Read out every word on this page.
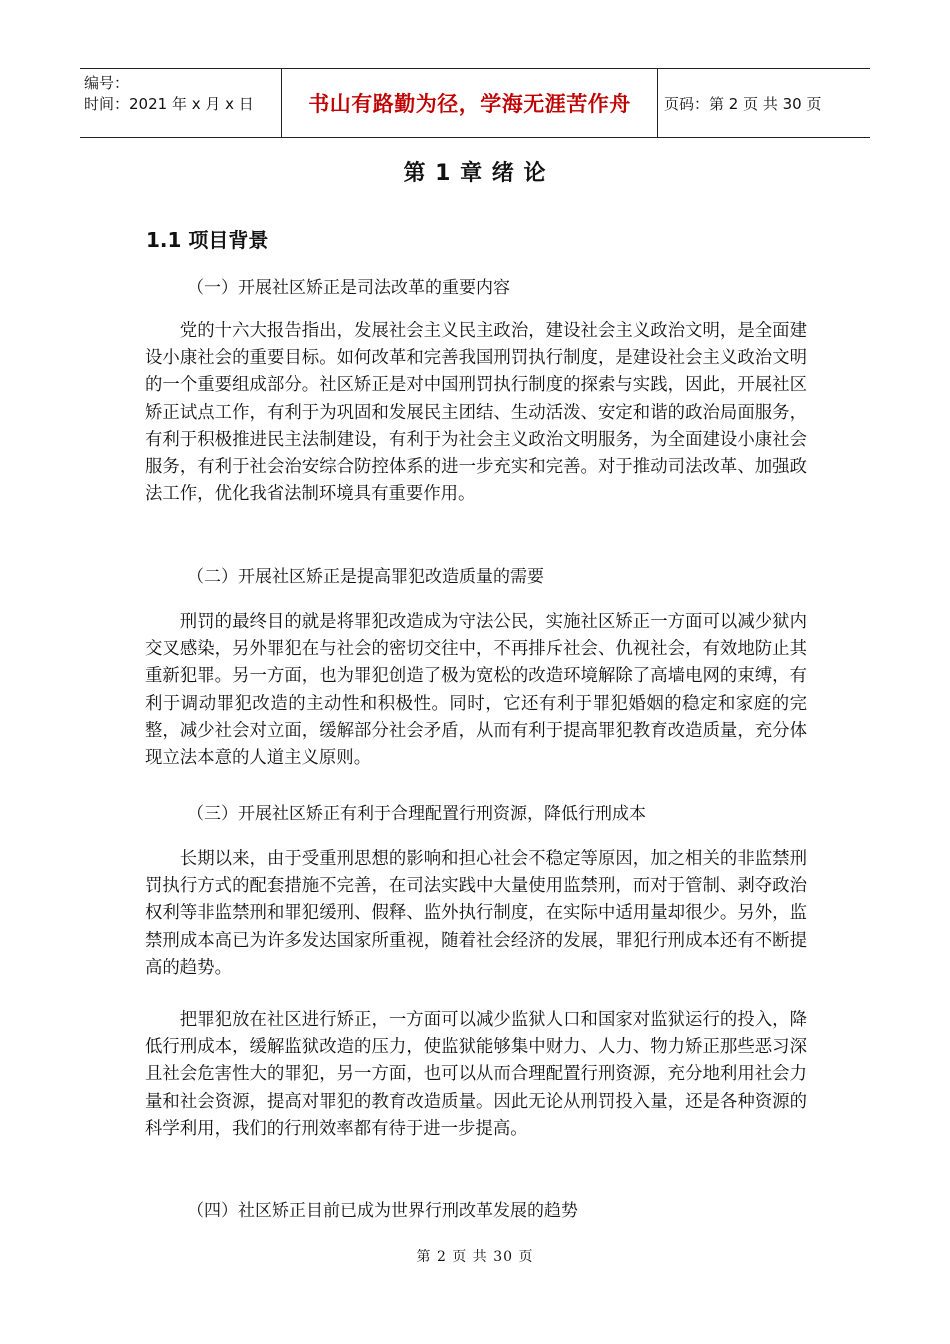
编号：
时间：2021 年 x 月 x 日	书山有路勤为径，学海无涯苦作舟	页码：第 2 页 共 30 页
第 1 章 绪 论
1.1 项目背景
（一）开展社区矫正是司法改革的重要内容
党的十六大报告指出，发展社会主义民主政治，建设社会主义政治文明，是全面建设小康社会的重要目标。如何改革和完善我国刑罚执行制度，是建设社会主义政治文明的一个重要组成部分。社区矫正是对中国刑罚执行制度的探索与实践，因此，开展社区矫正试点工作，有利于为巩固和发展民主团结、生动活泼、安定和谐的政治局面服务，有利于积极推进民主法制建设，有利于为社会主义政治文明服务，为全面建设小康社会服务，有利于社会治安综合防控体系的进一步充实和完善。对于推动司法改革、加强政法工作，优化我省法制环境具有重要作用。
（二）开展社区矫正是提高罪犯改造质量的需要
刑罚的最终目的就是将罪犯改造成为守法公民，实施社区矫正一方面可以减少狱内交叉感染，另外罪犯在与社会的密切交往中，不再排斥社会、仇视社会，有效地防止其重新犯罪。另一方面，也为罪犯创造了极为宽松的改造环境解除了高墙电网的束缚，有利于调动罪犯改造的主动性和积极性。同时，它还有利于罪犯婚姻的稳定和家庭的完整，减少社会对立面，缓解部分社会矛盾，从而有利于提高罪犯教育改造质量，充分体现立法本意的人道主义原则。
（三）开展社区矫正有利于合理配置行刑资源，降低行刑成本
长期以来，由于受重刑思想的影响和担心社会不稳定等原因，加之相关的非监禁刑罚执行方式的配套措施不完善，在司法实践中大量使用监禁刑，而对于管制、剥夺政治权利等非监禁刑和罪犯缓刑、假释、监外执行制度，在实际中适用量却很少。另外，监禁刑成本高已为许多发达国家所重视，随着社会经济的发展，罪犯行刑成本还有不断提高的趋势。
把罪犯放在社区进行矫正，一方面可以减少监狱人口和国家对监狱运行的投入，降低行刑成本，缓解监狱改造的压力，使监狱能够集中财力、人力、物力矫正那些恶习深且社会危害性大的罪犯，另一方面，也可以从而合理配置行刑资源，充分地利用社会力量和社会资源，提高对罪犯的教育改造质量。因此无论从刑罚投入量，还是各种资源的科学利用，我们的行刑效率都有待于进一步提高。
（四）社区矫正目前已成为世界行刑改革发展的趋势
第 2 页 共 30 页
